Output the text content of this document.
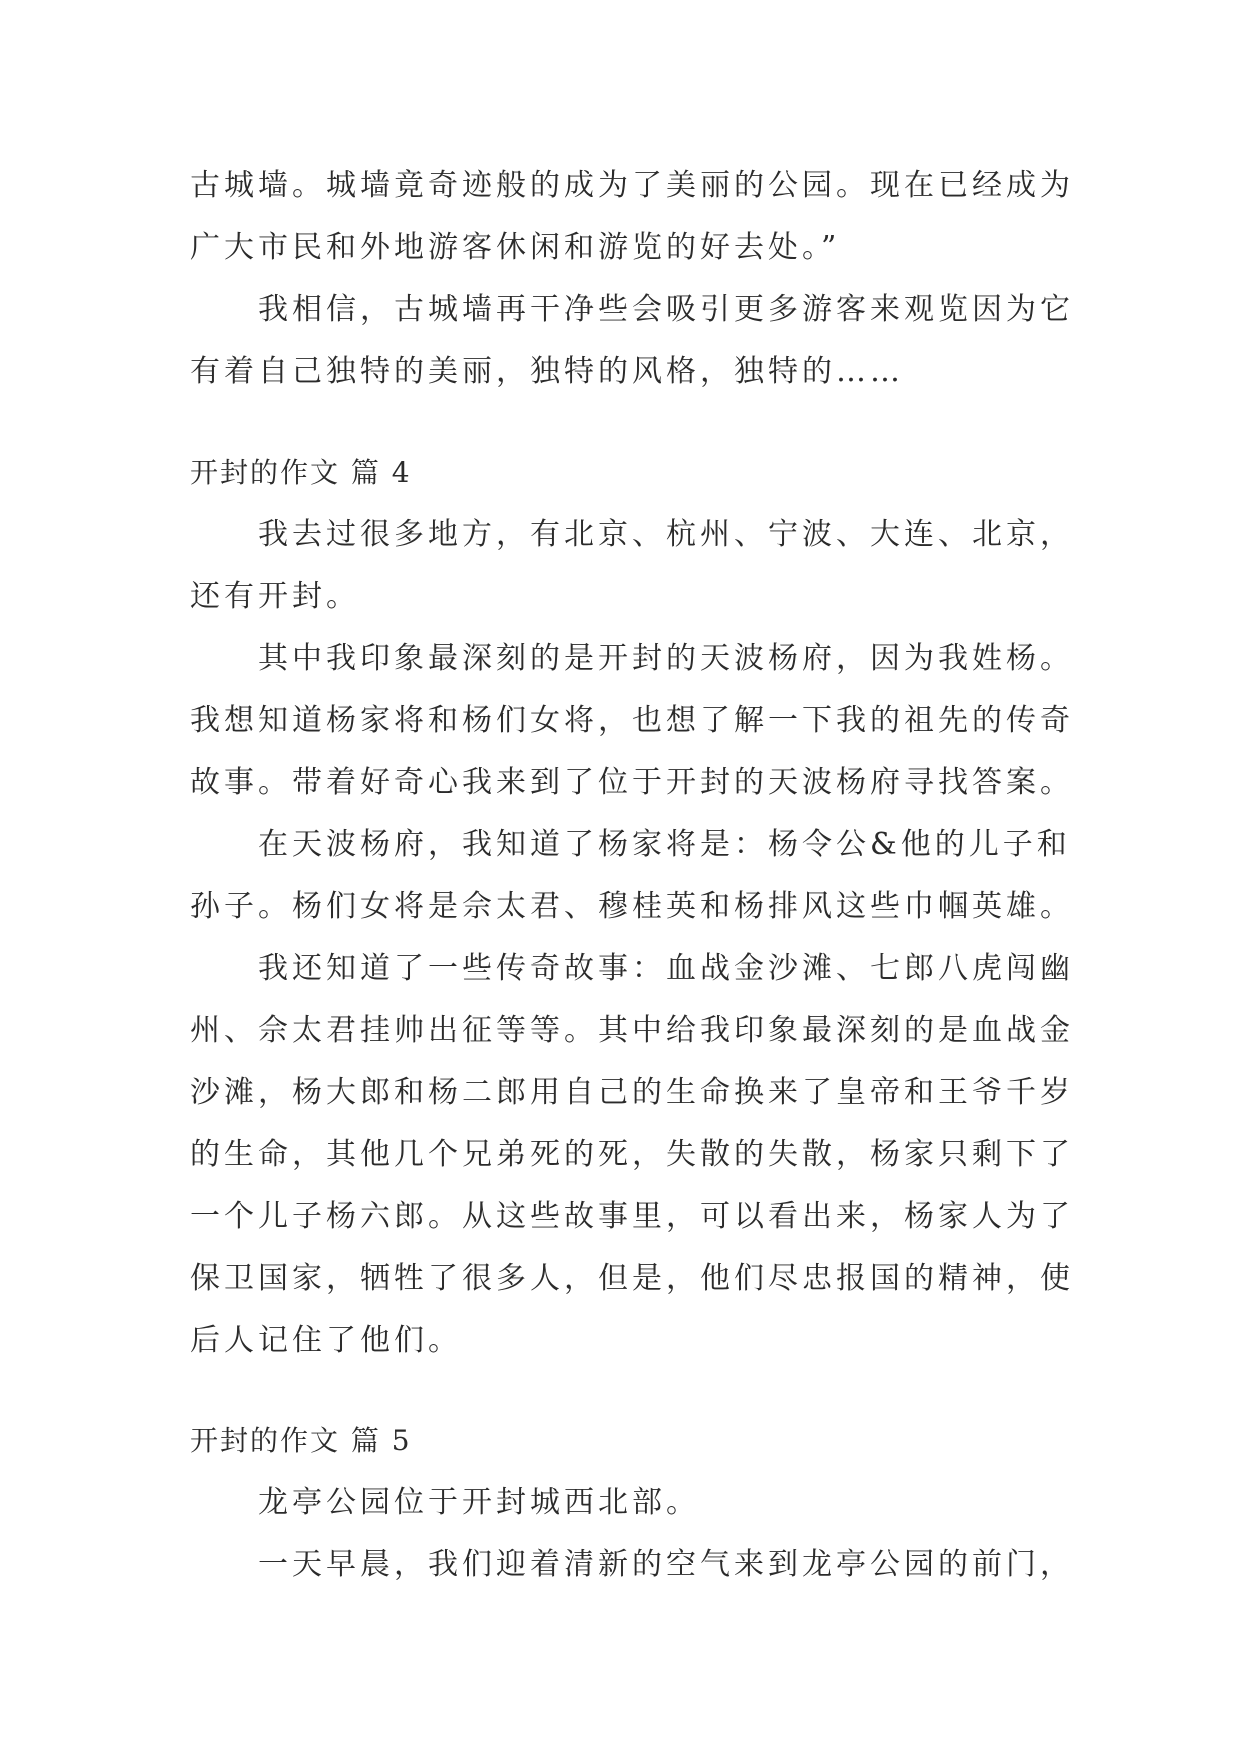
古城墙。城墙竟奇迹般的成为了美丽的公园。现在已经成为
广大市民和外地游客休闲和游览的好去处。”
我相信，古城墙再干净些会吸引更多游客来观览因为它
有着自己独特的美丽，独特的风格，独特的……
开封的作文 篇 4
我去过很多地方，有北京、杭州、宁波、大连、北京，
还有开封。
其中我印象最深刻的是开封的天波杨府，因为我姓杨。
我想知道杨家将和杨们女将，也想了解一下我的祖先的传奇
故事。带着好奇心我来到了位于开封的天波杨府寻找答案。
在天波杨府，我知道了杨家将是：杨令公&他的儿子和
孙子。杨们女将是佘太君、穆桂英和杨排风这些巾帼英雄。
我还知道了一些传奇故事：血战金沙滩、七郎八虎闯幽
州、佘太君挂帅出征等等。其中给我印象最深刻的是血战金
沙滩，杨大郎和杨二郎用自己的生命换来了皇帝和王爷千岁
的生命，其他几个兄弟死的死，失散的失散，杨家只剩下了
一个儿子杨六郎。从这些故事里，可以看出来，杨家人为了
保卫国家，牺牲了很多人，但是，他们尽忠报国的精神，使
后人记住了他们。
开封的作文 篇 5
龙亭公园位于开封城西北部。
一天早晨，我们迎着清新的空气来到龙亭公园的前门，
